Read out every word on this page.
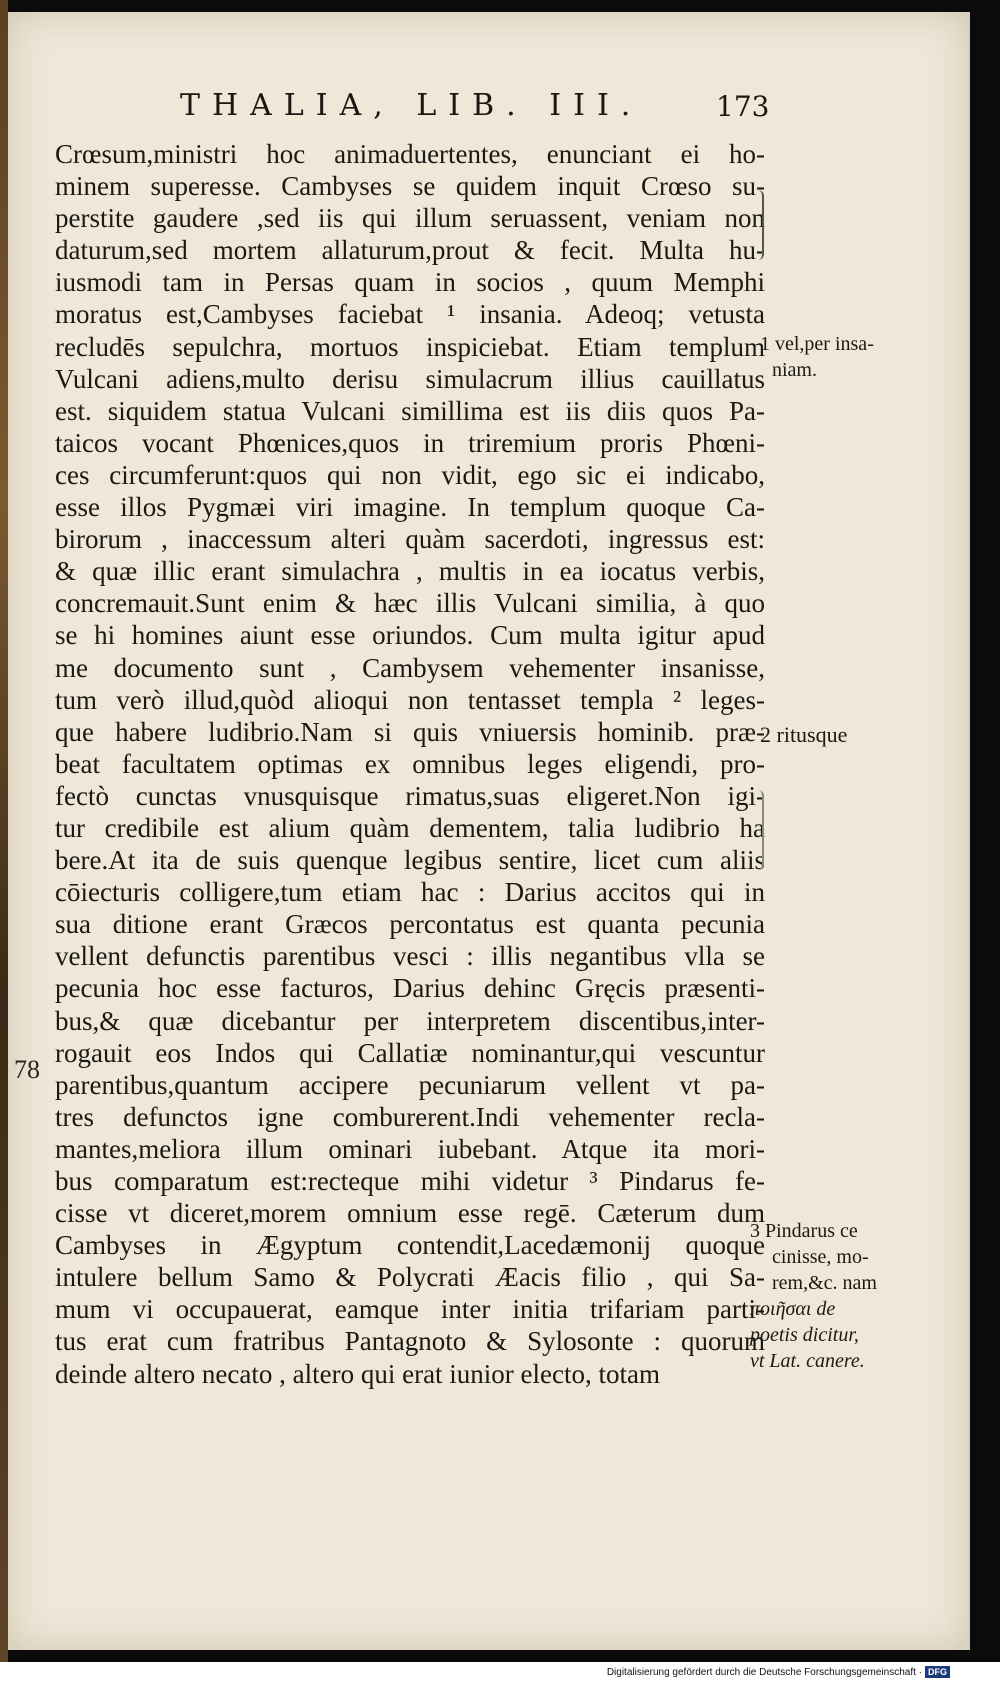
THALIA, LIB. III.	173
Crœsum,ministri hoc animaduertentes, enunciant ei ho-
minem superesse. Cambyses se quidem inquit Crœso su-
perstite gaudere ,sed iis qui illum seruassent, veniam non
daturum,sed mortem allaturum,prout & fecit. Multa hu-
iusmodi tam in Persas quam in socios , quum Memphi
moratus est,Cambyses faciebat ¹ insania. Adeoq; vetusta
recludēs sepulchra, mortuos inspiciebat. Etiam templum
Vulcani adiens,multo derisu simulacrum illius cauillatus
est. siquidem statua Vulcani simillima est iis diis quos Pa-
taicos vocant Phœnices,quos in triremium proris Phœni-
ces circumferunt:quos qui non vidit, ego sic ei indicabo,
esse illos Pygmæi viri imagine. In templum quoque Ca-
birorum , inaccessum alteri quàm sacerdoti, ingressus est:
& quæ illic erant simulachra , multis in ea iocatus verbis,
concremauit.Sunt enim & hæc illis Vulcani similia, à quo
se hi homines aiunt esse oriundos. Cum multa igitur apud
me documento sunt , Cambysem vehementer insanisse,
tum verò illud,quòd alioqui non tentasset templa ² leges-
que habere ludibrio.Nam si quis vniuersis hominib. præ-
beat facultatem optimas ex omnibus leges eligendi, pro-
fectò cunctas vnusquisque rimatus,suas eligeret.Non igi-
tur credibile est alium quàm dementem, talia ludibrio ha
bere.At ita de suis quenque legibus sentire, licet cum aliis
cōiecturis colligere,tum etiam hac : Darius accitos qui in
sua ditione erant Græcos percontatus est quanta pecunia
vellent defunctis parentibus vesci : illis negantibus vlla se
pecunia hoc esse facturos, Darius dehinc Gręcis præsenti-
bus,& quæ dicebantur per interpretem discentibus,inter-
rogauit eos Indos qui Callatiæ nominantur,qui vescuntur
parentibus,quantum accipere pecuniarum vellent vt pa-
tres defunctos igne comburerent.Indi vehementer recla-
mantes,meliora illum ominari iubebant. Atque ita mori-
bus comparatum est:recteque mihi videtur ³ Pindarus fe-
cisse vt diceret,morem omnium esse regē. Cæterum dum
Cambyses in Ægyptum contendit,Lacedæmonij quoque
intulere bellum Samo & Polycrati Æacis filio , qui Sa-
mum vi occupauerat, eamque inter initia trifariam parti-
tus erat cum fratribus Pantagnoto & Sylosonte : quorum
deinde altero necato , altero qui erat iunior electo, totam
78
1 vel,per insa-
niam.
2 ritusque
3 Pindarus ce
cinisse, mo-
rem,&c. nam
ποιῆσαι de
poetis dicitur,
vt Lat. canere.
Digitalisierung gefördert durch die Deutsche Forschungsgemeinschaft · DFG
